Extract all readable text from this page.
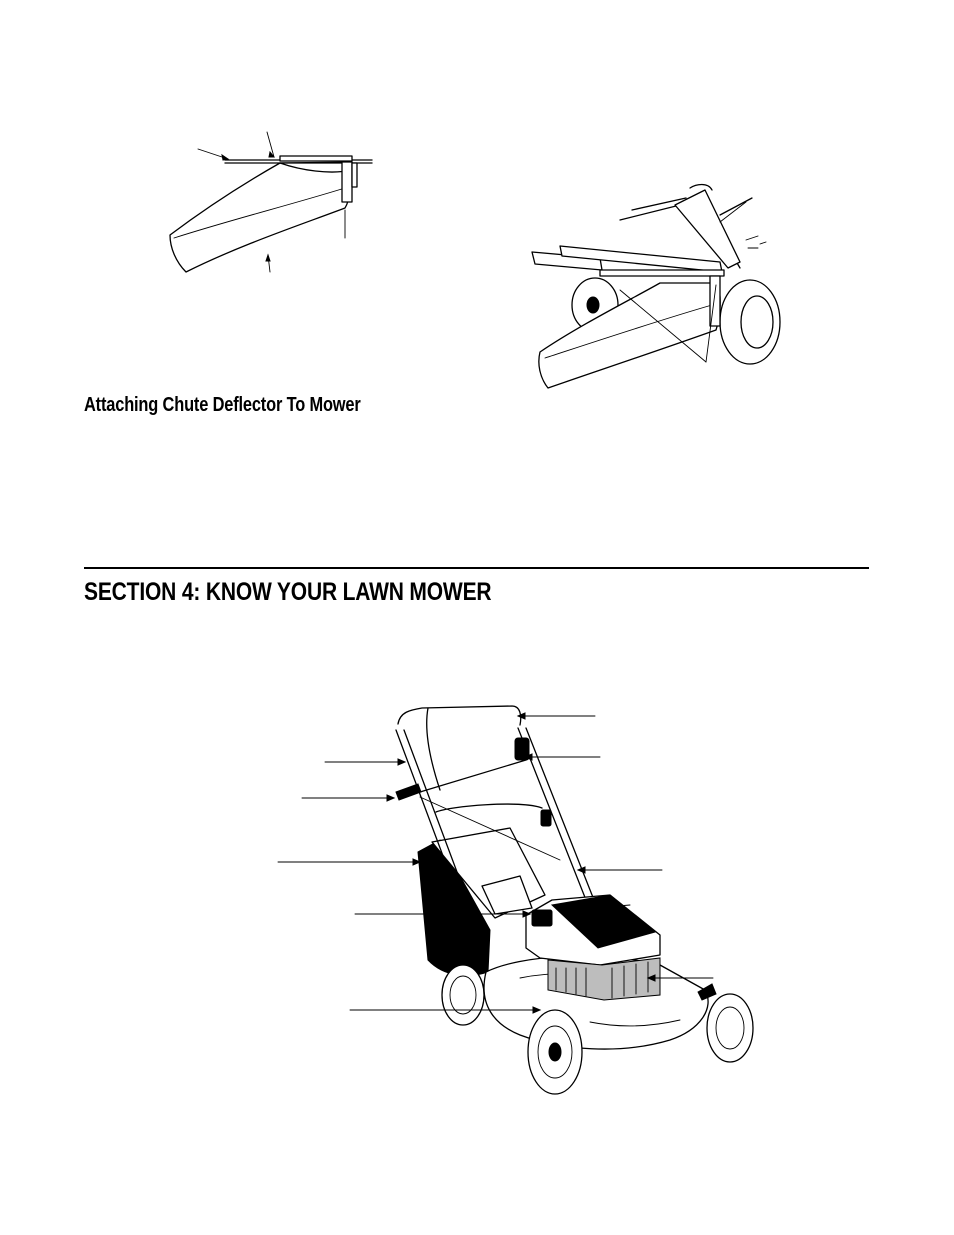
Attaching Chute Deflector To Mower
SECTION 4: KNOW YOUR LAWN MOWER
